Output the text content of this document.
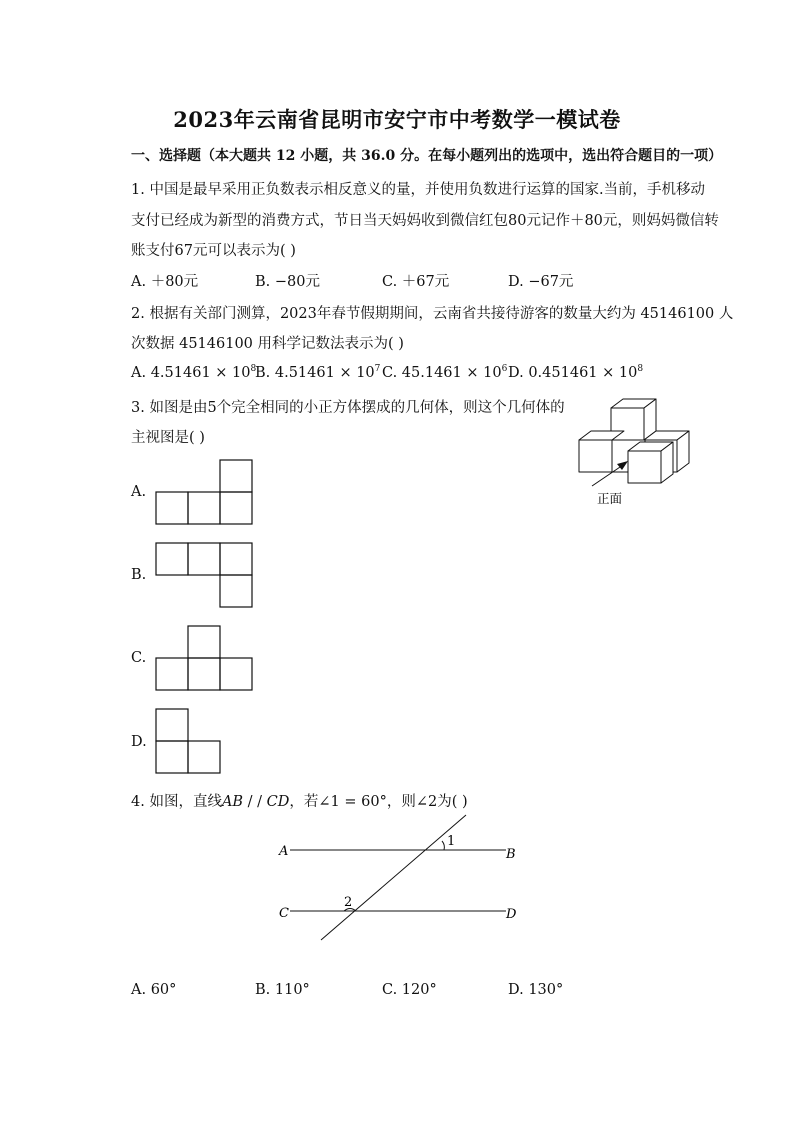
2023年云南省昆明市安宁市中考数学一模试卷
一、选择题（本大题共 12 小题，共 36.0 分。在每小题列出的选项中，选出符合题目的一项）
1. 中国是最早采用正负数表示相反意义的量，并使用负数进行运算的国家.当前，手机移动
支付已经成为新型的消费方式，节日当天妈妈收到微信红包80元记作＋80元，则妈妈微信转
账支付67元可以表示为( )
A. ＋80元	B. −80元	C. ＋67元	D. −67元
2. 根据有关部门测算，2023年春节假期期间，云南省共接待游客的数量大约为 45146100 人
次数据 45146100 用科学记数法表示为( )
A. $4.51461 \times 10^8$
B. $4.51461 \times 10^7$ C. $45.1461 \times 10^6$ D. $0.451461 \times 10^8$
3. 如图是由5个完全相同的小正方体摆成的几何体，则这个几何体的
主视图是( )
正面
A.
B.
C.
D.
4. 如图，直线𝐴𝐵 / / 𝐶𝐷，若∠1 = 60°，则∠2为( )
A	B
C	D
1
2
A. 60°	B. 110°	C. 120°	D. 130°
